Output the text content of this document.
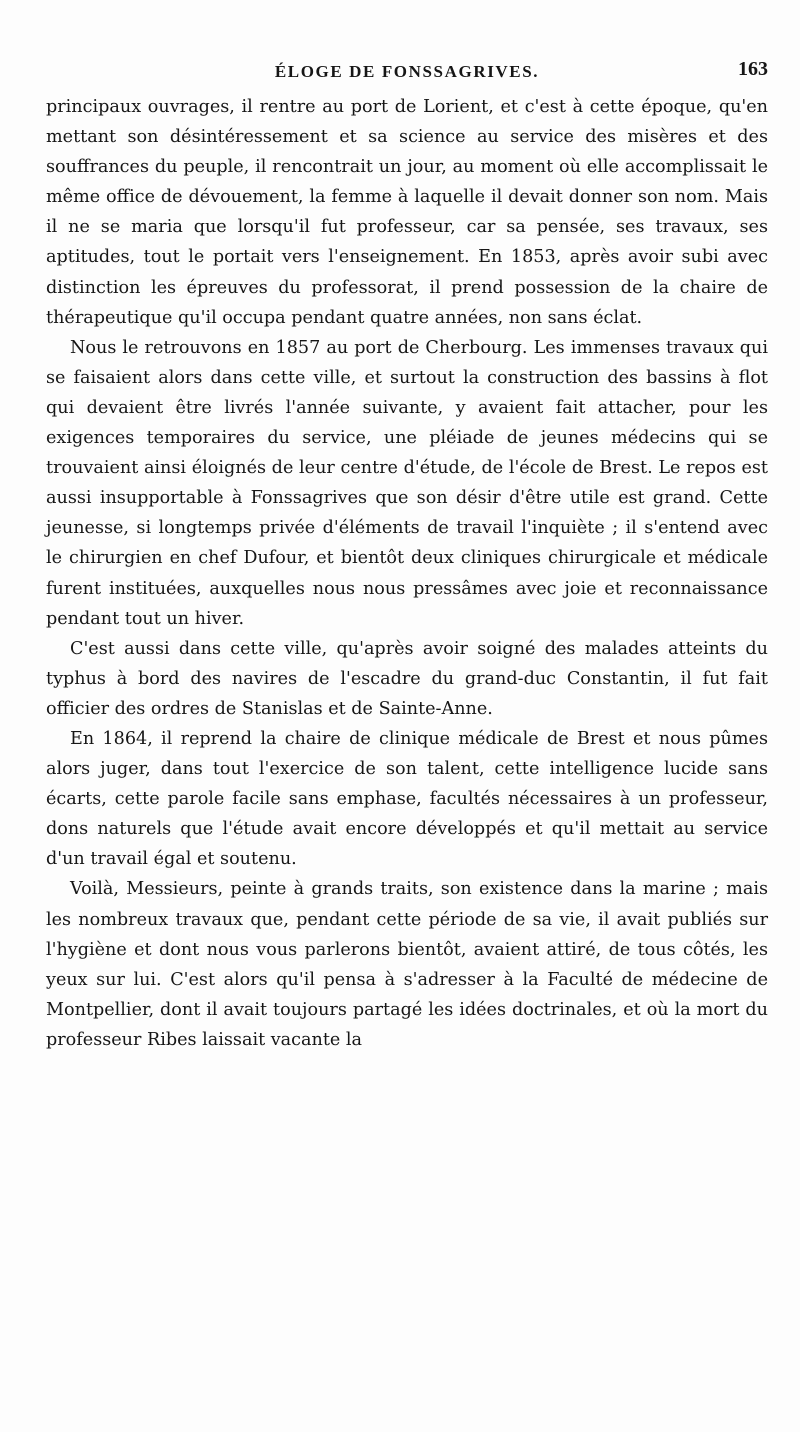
ÉLOGE DE FONSSAGRIVES.	163

principaux ouvrages, il rentre au port de Lorient, et c'est à cette époque, qu'en mettant son désintéressement et sa science au service des misères et des souffrances du peuple, il rencontrait un jour, au moment où elle accomplissait le même office de dévouement, la femme à laquelle il devait donner son nom. Mais il ne se maria que lorsqu'il fut professeur, car sa pensée, ses travaux, ses aptitudes, tout le portait vers l'enseignement. En 1853, après avoir subi avec distinction les épreuves du professorat, il prend possession de la chaire de thérapeutique qu'il occupa pendant quatre années, non sans éclat.

Nous le retrouvons en 1857 au port de Cherbourg. Les immenses travaux qui se faisaient alors dans cette ville, et surtout la construction des bassins à flot qui devaient être livrés l'année suivante, y avaient fait attacher, pour les exigences temporaires du service, une pléiade de jeunes médecins qui se trouvaient ainsi éloignés de leur centre d'étude, de l'école de Brest. Le repos est aussi insupportable à Fonssagrives que son désir d'être utile est grand. Cette jeunesse, si longtemps privée d'éléments de travail l'inquiète ; il s'entend avec le chirurgien en chef Dufour, et bientôt deux cliniques chirurgicale et médicale furent instituées, auxquelles nous nous pressâmes avec joie et reconnaissance pendant tout un hiver.

C'est aussi dans cette ville, qu'après avoir soigné des malades atteints du typhus à bord des navires de l'escadre du grand-duc Constantin, il fut fait officier des ordres de Stanislas et de Sainte-Anne.

En 1864, il reprend la chaire de clinique médicale de Brest et nous pûmes alors juger, dans tout l'exercice de son talent, cette intelligence lucide sans écarts, cette parole facile sans emphase, facultés nécessaires à un professeur, dons naturels que l'étude avait encore développés et qu'il mettait au service d'un travail égal et soutenu.

Voilà, Messieurs, peinte à grands traits, son existence dans la marine ; mais les nombreux travaux que, pendant cette période de sa vie, il avait publiés sur l'hygiène et dont nous vous parlerons bientôt, avaient attiré, de tous côtés, les yeux sur lui. C'est alors qu'il pensa à s'adresser à la Faculté de médecine de Montpellier, dont il avait toujours partagé les idées doctrinales, et où la mort du professeur Ribes laissait vacante la
